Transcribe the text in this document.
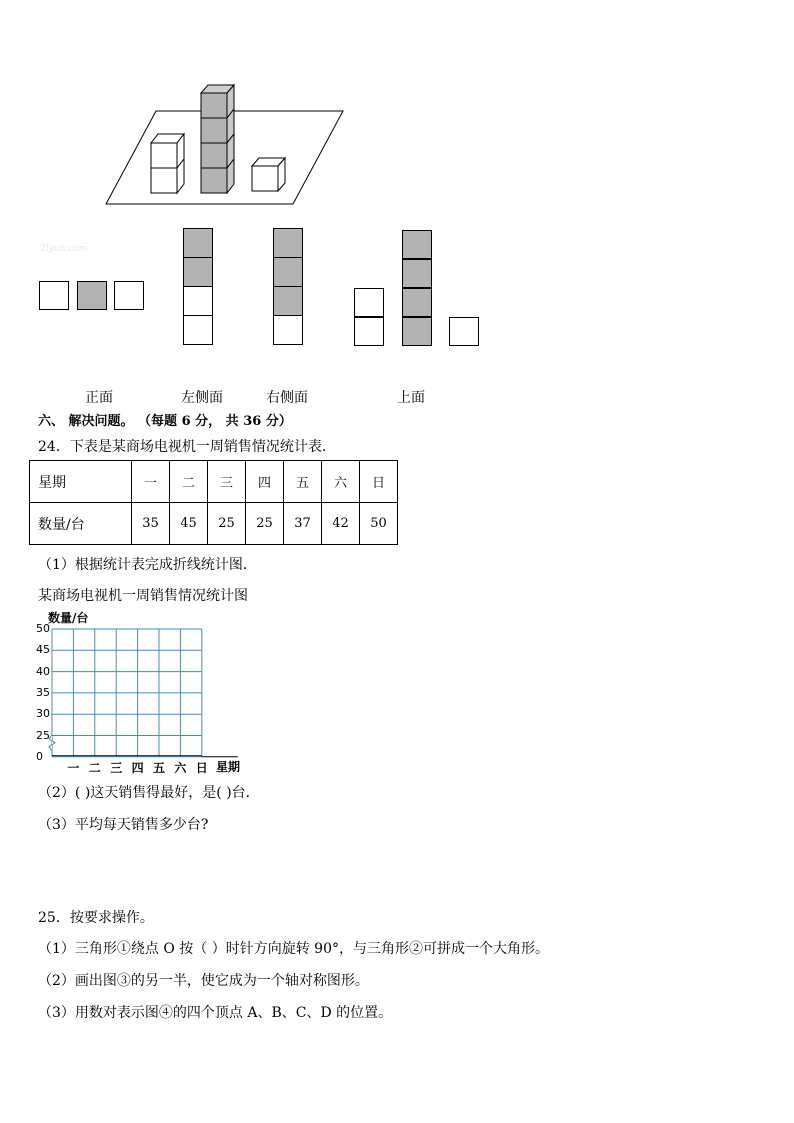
2lyun.com
正面	左侧面	右侧面	上面
六、 解决问题。 （每题 6 分， 共 36 分）
24．下表是某商场电视机一周销售情况统计表．
星期	一	二	三	四	五	六	日
数量/台	35	45	25	25	37	42	50
（1）根据统计表完成折线统计图．
某商场电视机一周销售情况统计图
数量/台
50
45
40
35
30
25
0
一 二 三 四 五 六 日 星期
（2）( )这天销售得最好，是( )台．
（3）平均每天销售多少台?
25．按要求操作。
（1）三角形①绕点 O 按（ ）时针方向旋转 90°，与三角形②可拼成一个大角形。
（2）画出图③的另一半，使它成为一个轴对称图形。
（3）用数对表示图④的四个顶点 A、B、C、D 的位置。
